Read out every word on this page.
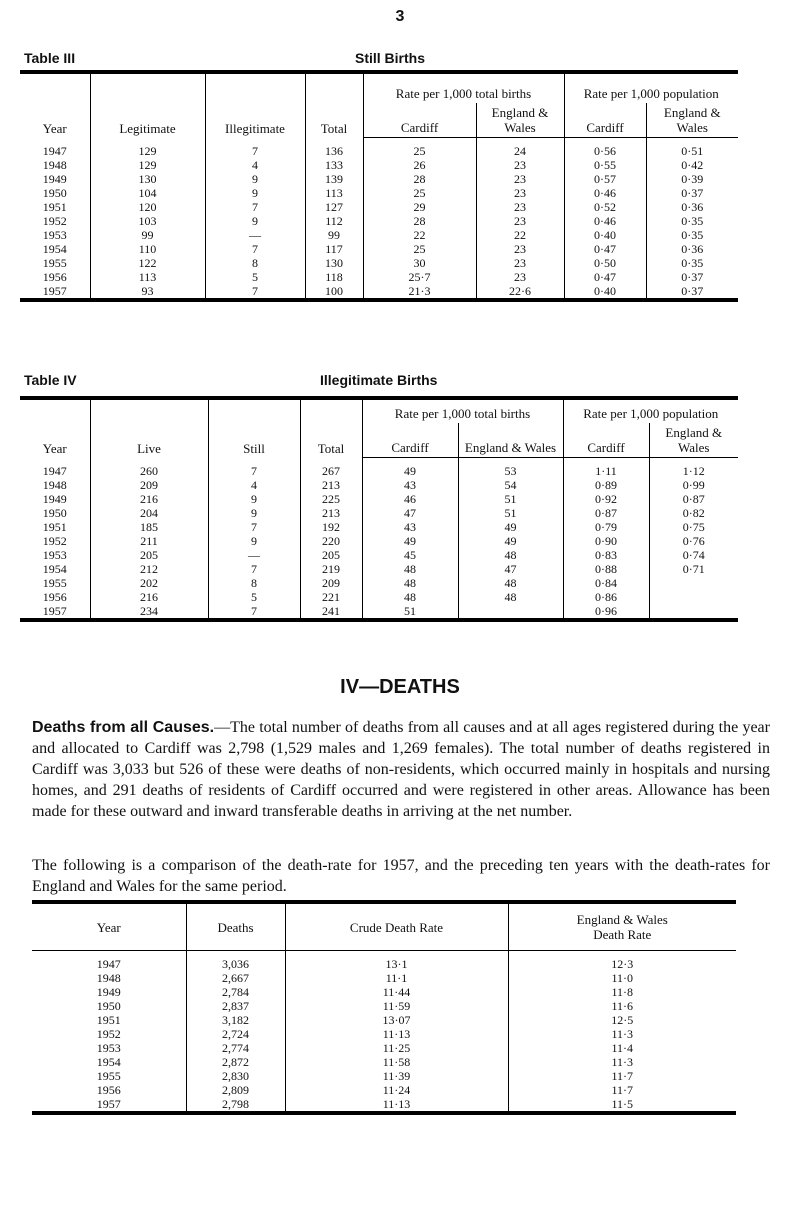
3
Table III	Still Births
Year	Legitimate	Illegitimate	Total	Rate per 1,000 total births		Rate per 1,000 population	
				Cardiff	England & Wales	Cardiff	England & Wales
1947	129	7	136	25	24	0·56	0·51
1948	129	4	133	26	23	0·55	0·42
1949	130	9	139	28	23	0·57	0·39
1950	104	9	113	25	23	0·46	0·37
1951	120	7	127	29	23	0·52	0·36
1952	103	9	112	28	23	0·46	0·35
1953	99	—	99	22	22	0·40	0·35
1954	110	7	117	25	23	0·47	0·36
1955	122	8	130	30	23	0·50	0·35
1956	113	5	118	25·7	23	0·47	0·37
1957	93	7	100	21·3	22·6	0·40	0·37
Table IV	Illegitimate Births
Year	Live	Still	Total	Rate per 1,000 total births		Rate per 1,000 population	
				Cardiff	England & Wales	Cardiff	England & Wales
1947	260	7	267	49	53	1·11	1·12
1948	209	4	213	43	54	0·89	0·99
1949	216	9	225	46	51	0·92	0·87
1950	204	9	213	47	51	0·87	0·82
1951	185	7	192	43	49	0·79	0·75
1952	211	9	220	49	49	0·90	0·76
1953	205	—	205	45	48	0·83	0·74
1954	212	7	219	48	47	0·88	0·71
1955	202	8	209	48	48	0·84	
1956	216	5	221	48	48	0·86	
1957	234	7	241	51		0·96	
IV—DEATHS
Deaths from all Causes.—The total number of deaths from all causes and at all ages registered during the year and allocated to Cardiff was 2,798 (1,529 males and 1,269 females). The total number of deaths registered in Cardiff was 3,033 but 526 of these were deaths of non-residents, which occurred mainly in hospitals and nursing homes, and 291 deaths of residents of Cardiff occurred and were registered in other areas. Allowance has been made for these outward and inward transferable deaths in arriving at the net number.
The following is a comparison of the death-rate for 1957, and the preceding ten years with the death-rates for England and Wales for the same period.
Year	Deaths	Crude Death Rate	England & Wales Death Rate
1947	3,036	13·1	12·3
1948	2,667	11·1	11·0
1949	2,784	11·44	11·8
1950	2,837	11·59	11·6
1951	3,182	13·07	12·5
1952	2,724	11·13	11·3
1953	2,774	11·25	11·4
1954	2,872	11·58	11·3
1955	2,830	11·39	11·7
1956	2,809	11·24	11·7
1957	2,798	11·13	11·5
